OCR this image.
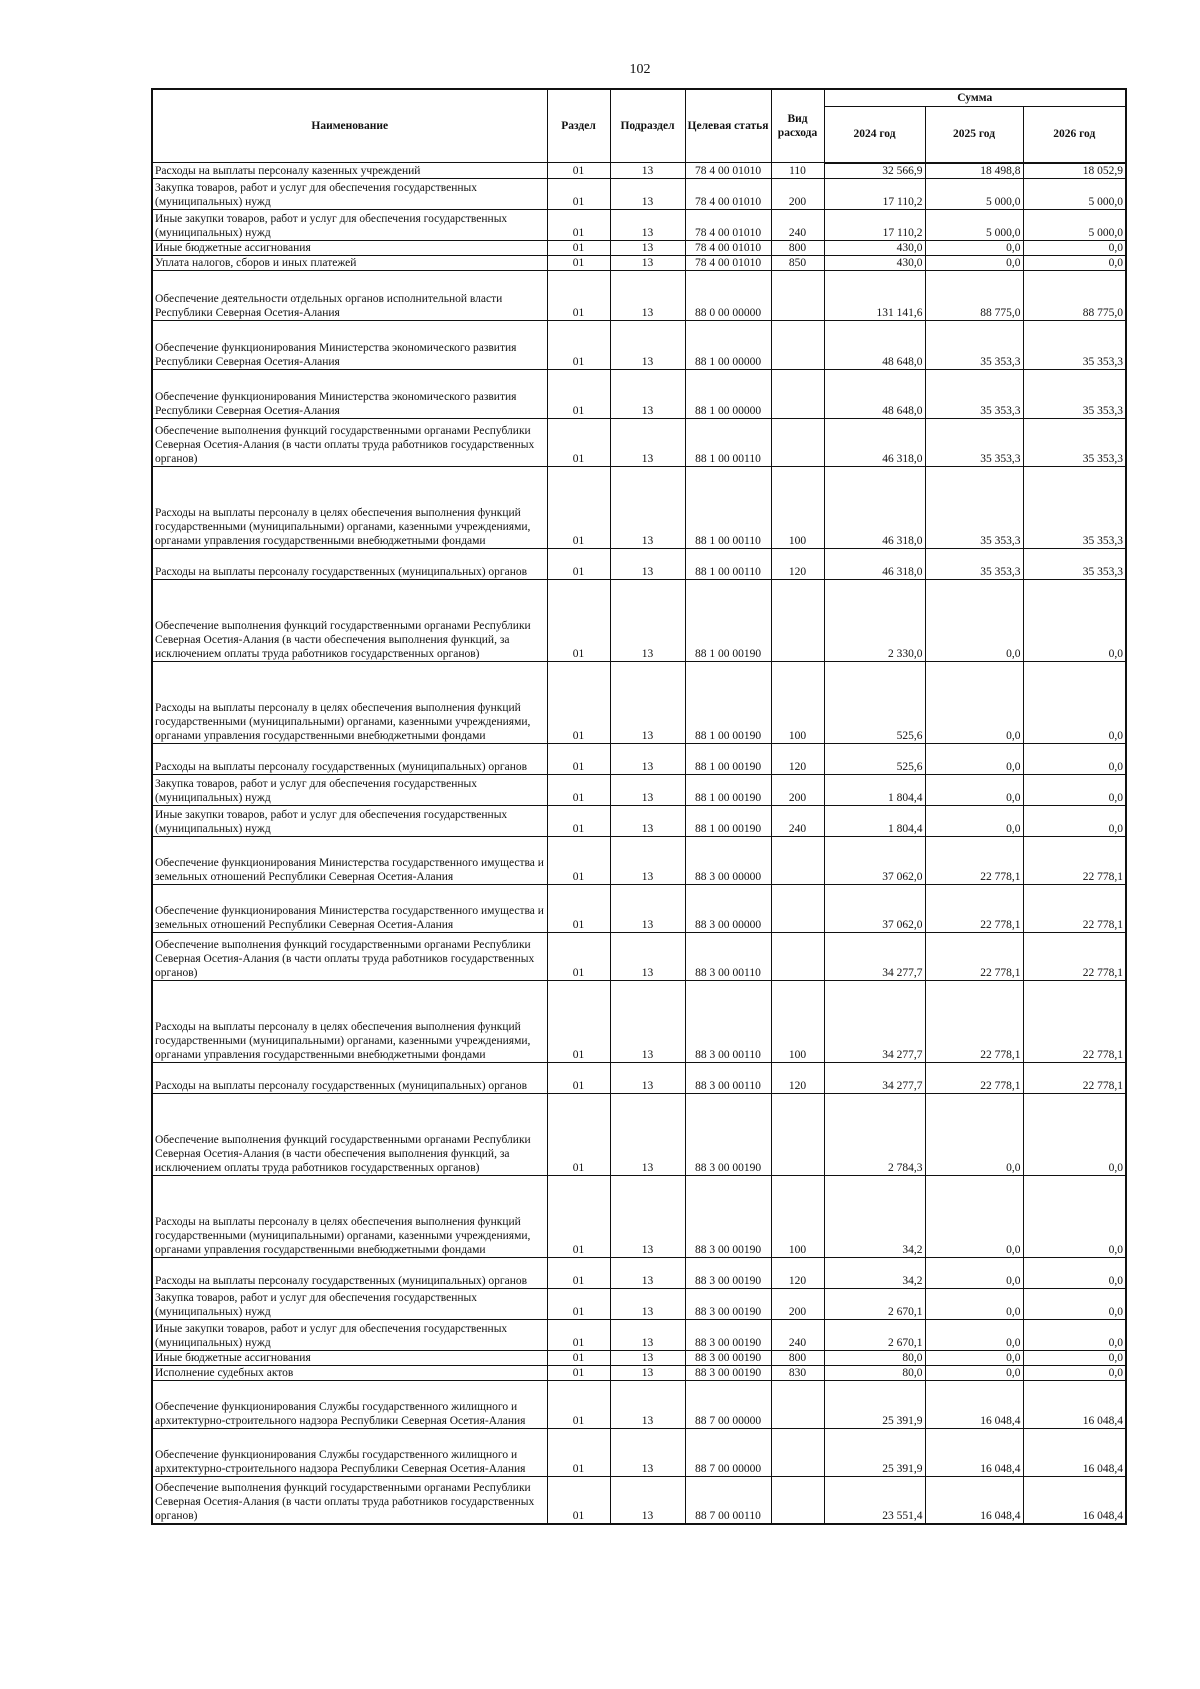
102
Наименование	Раздел	Подраздел	Целевая статья	Вид расхода	Сумма		
					2024 год	2025 год	2026 год
Расходы на выплаты персоналу казенных учреждений	01	13	78 4 00 01010	110	32 566,9	18 498,8	18 052,9
Закупка товаров, работ и услуг для обеспечения государственных (муниципальных) нужд	01	13	78 4 00 01010	200	17 110,2	5 000,0	5 000,0
Иные закупки товаров, работ и услуг для обеспечения государственных (муниципальных) нужд	01	13	78 4 00 01010	240	17 110,2	5 000,0	5 000,0
Иные бюджетные ассигнования	01	13	78 4 00 01010	800	430,0	0,0	0,0
Уплата налогов, сборов и иных платежей	01	13	78 4 00 01010	850	430,0	0,0	0,0
Обеспечение деятельности отдельных органов исполнительной власти Республики Северная Осетия-Алания	01	13	88 0 00 00000		131 141,6	88 775,0	88 775,0
Обеспечение функционирования Министерства экономического развития Республики Северная Осетия-Алания	01	13	88 1 00 00000		48 648,0	35 353,3	35 353,3
Обеспечение функционирования Министерства экономического развития Республики Северная Осетия-Алания	01	13	88 1 00 00000		48 648,0	35 353,3	35 353,3
Обеспечение выполнения функций государственными органами Республики Северная Осетия-Алания (в части оплаты труда работников государственных органов)	01	13	88 1 00 00110		46 318,0	35 353,3	35 353,3
Расходы на выплаты персоналу в целях обеспечения выполнения функций государственными (муниципальными) органами, казенными учреждениями, органами управления государственными внебюджетными фондами	01	13	88 1 00 00110	100	46 318,0	35 353,3	35 353,3
Расходы на выплаты персоналу государственных (муниципальных) органов	01	13	88 1 00 00110	120	46 318,0	35 353,3	35 353,3
Обеспечение выполнения функций государственными органами Республики Северная Осетия-Алания (в части обеспечения выполнения функций, за исключением оплаты труда работников государственных органов)	01	13	88 1 00 00190		2 330,0	0,0	0,0
Расходы на выплаты персоналу в целях обеспечения выполнения функций государственными (муниципальными) органами, казенными учреждениями, органами управления государственными внебюджетными фондами	01	13	88 1 00 00190	100	525,6	0,0	0,0
Расходы на выплаты персоналу государственных (муниципальных) органов	01	13	88 1 00 00190	120	525,6	0,0	0,0
Закупка товаров, работ и услуг для обеспечения государственных (муниципальных) нужд	01	13	88 1 00 00190	200	1 804,4	0,0	0,0
Иные закупки товаров, работ и услуг для обеспечения государственных (муниципальных) нужд	01	13	88 1 00 00190	240	1 804,4	0,0	0,0
Обеспечение функционирования Министерства государственного имущества и земельных отношений Республики Северная Осетия-Алания	01	13	88 3 00 00000		37 062,0	22 778,1	22 778,1
Обеспечение функционирования Министерства государственного имущества и земельных отношений Республики Северная Осетия-Алания	01	13	88 3 00 00000		37 062,0	22 778,1	22 778,1
Обеспечение выполнения функций государственными органами Республики Северная Осетия-Алания (в части оплаты труда работников государственных органов)	01	13	88 3 00 00110		34 277,7	22 778,1	22 778,1
Расходы на выплаты персоналу в целях обеспечения выполнения функций государственными (муниципальными) органами, казенными учреждениями, органами управления государственными внебюджетными фондами	01	13	88 3 00 00110	100	34 277,7	22 778,1	22 778,1
Расходы на выплаты персоналу государственных (муниципальных) органов	01	13	88 3 00 00110	120	34 277,7	22 778,1	22 778,1
Обеспечение выполнения функций государственными органами Республики Северная Осетия-Алания (в части обеспечения выполнения функций, за исключением оплаты труда работников государственных органов)	01	13	88 3 00 00190		2 784,3	0,0	0,0
Расходы на выплаты персоналу в целях обеспечения выполнения функций государственными (муниципальными) органами, казенными учреждениями, органами управления государственными внебюджетными фондами	01	13	88 3 00 00190	100	34,2	0,0	0,0
Расходы на выплаты персоналу государственных (муниципальных) органов	01	13	88 3 00 00190	120	34,2	0,0	0,0
Закупка товаров, работ и услуг для обеспечения государственных (муниципальных) нужд	01	13	88 3 00 00190	200	2 670,1	0,0	0,0
Иные закупки товаров, работ и услуг для обеспечения государственных (муниципальных) нужд	01	13	88 3 00 00190	240	2 670,1	0,0	0,0
Иные бюджетные ассигнования	01	13	88 3 00 00190	800	80,0	0,0	0,0
Исполнение судебных актов	01	13	88 3 00 00190	830	80,0	0,0	0,0
Обеспечение функционирования Службы государственного жилищного и архитектурно-строительного надзора Республики Северная Осетия-Алания	01	13	88 7 00 00000		25 391,9	16 048,4	16 048,4
Обеспечение функционирования Службы государственного жилищного и архитектурно-строительного надзора Республики Северная Осетия-Алания	01	13	88 7 00 00000		25 391,9	16 048,4	16 048,4
Обеспечение выполнения функций государственными органами Республики Северная Осетия-Алания (в части оплаты труда работников государственных органов)	01	13	88 7 00 00110		23 551,4	16 048,4	16 048,4
